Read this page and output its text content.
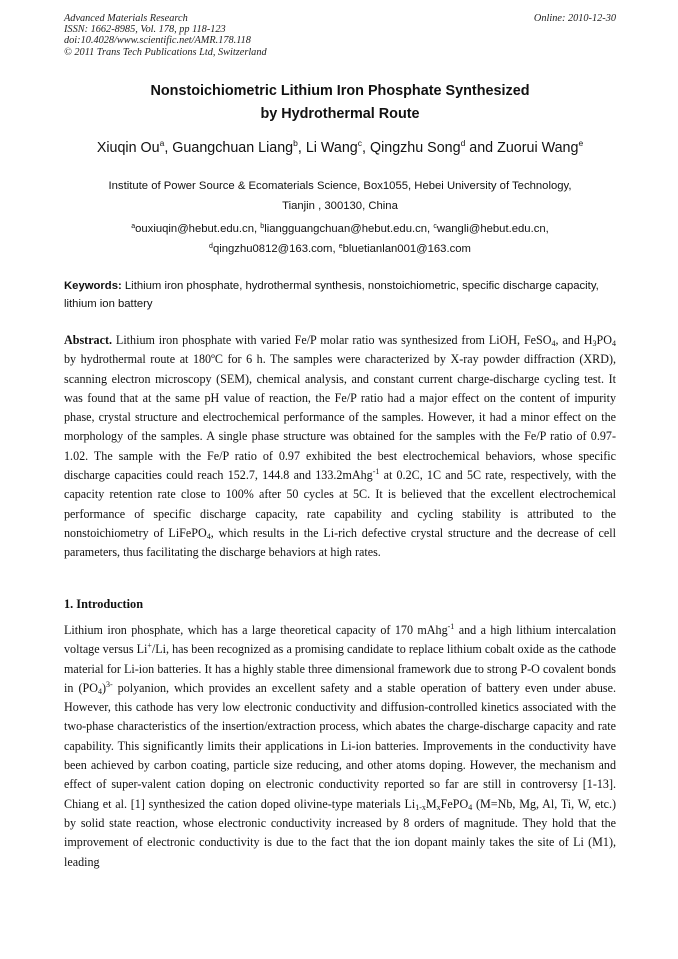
Advanced Materials Research
ISSN: 1662-8985, Vol. 178, pp 118-123
doi:10.4028/www.scientific.net/AMR.178.118
© 2011 Trans Tech Publications Ltd, Switzerland
Online: 2010-12-30
Nonstoichiometric Lithium Iron Phosphate Synthesized
by Hydrothermal Route
Xiuqin Ou$^a$, Guangchuan Liang$^b$, Li Wang$^c$, Qingzhu Song$^d$ and Zuorui Wang$^e$
Institute of Power Source & Ecomaterials Science, Box1055, Hebei University of Technology,
Tianjin , 300130, China
$^a$ouxiuqin@hebut.edu.cn, $^b$liangguangchuan@hebut.edu.cn, $^c$wangli@hebut.edu.cn,
$^d$qingzhu0812@163.com, $^e$bluetianlan001@163.com
Keywords: Lithium iron phosphate, hydrothermal synthesis, nonstoichiometric, specific discharge capacity, lithium ion battery
Abstract. Lithium iron phosphate with varied Fe/P molar ratio was synthesized from LiOH, FeSO$_4$, and $H_3PO_4$ by hydrothermal route at 180ºC for 6 h. The samples were characterized by X-ray powder diffraction (XRD), scanning electron microscopy (SEM), chemical analysis, and constant current charge-discharge cycling test. It was found that at the same pH value of reaction, the Fe/P ratio had a major effect on the content of impurity phase, crystal structure and electrochemical performance of the samples. However, it had a minor effect on the morphology of the samples. A single phase structure was obtained for the samples with the Fe/P ratio of 0.97-1.02. The sample with the Fe/P ratio of 0.97 exhibited the best electrochemical behaviors, whose specific discharge capacities could reach 152.7, 144.8 and 133.2mAhg$^{-1}$ at 0.2C, 1C and 5C rate, respectively, with the capacity retention rate close to 100% after 50 cycles at 5C. It is believed that the excellent electrochemical performance of specific discharge capacity, rate capability and cycling stability is attributed to the nonstoichiometry of LiFePO$_4$, which results in the Li-rich defective crystal structure and the decrease of cell parameters, thus facilitating the discharge behaviors at high rates.
1. Introduction
Lithium iron phosphate, which has a large theoretical capacity of 170 mAhg$^{-1}$ and a high lithium intercalation voltage versus Li+/Li, has been recognized as a promising candidate to replace lithium cobalt oxide as the cathode material for Li-ion batteries. It has a highly stable three dimensional framework due to strong P-O covalent bonds in $(PO_4)^{3-}$ polyanion, which provides an excellent safety and a stable operation of battery even under abuse. However, this cathode has very low electronic conductivity and diffusion-controlled kinetics associated with the two-phase characteristics of the insertion/extraction process, which abates the charge-discharge capacity and rate capability. This significantly limits their applications in Li-ion batteries. Improvements in the conductivity have been achieved by carbon coating, particle size reducing, and other atoms doping. However, the mechanism and effect of super-valent cation doping on electronic conductivity reported so far are still in controversy [1-13]. Chiang et al. [1] synthesized the cation doped olivine-type materials $Li_{1-x}M_xFePO_4$ (M=Nb, Mg, Al, Ti, W, etc.) by solid state reaction, whose electronic conductivity increased by 8 orders of magnitude. They hold that the improvement of electronic conductivity is due to the fact that the ion dopant mainly takes the site of Li (M1), leading
